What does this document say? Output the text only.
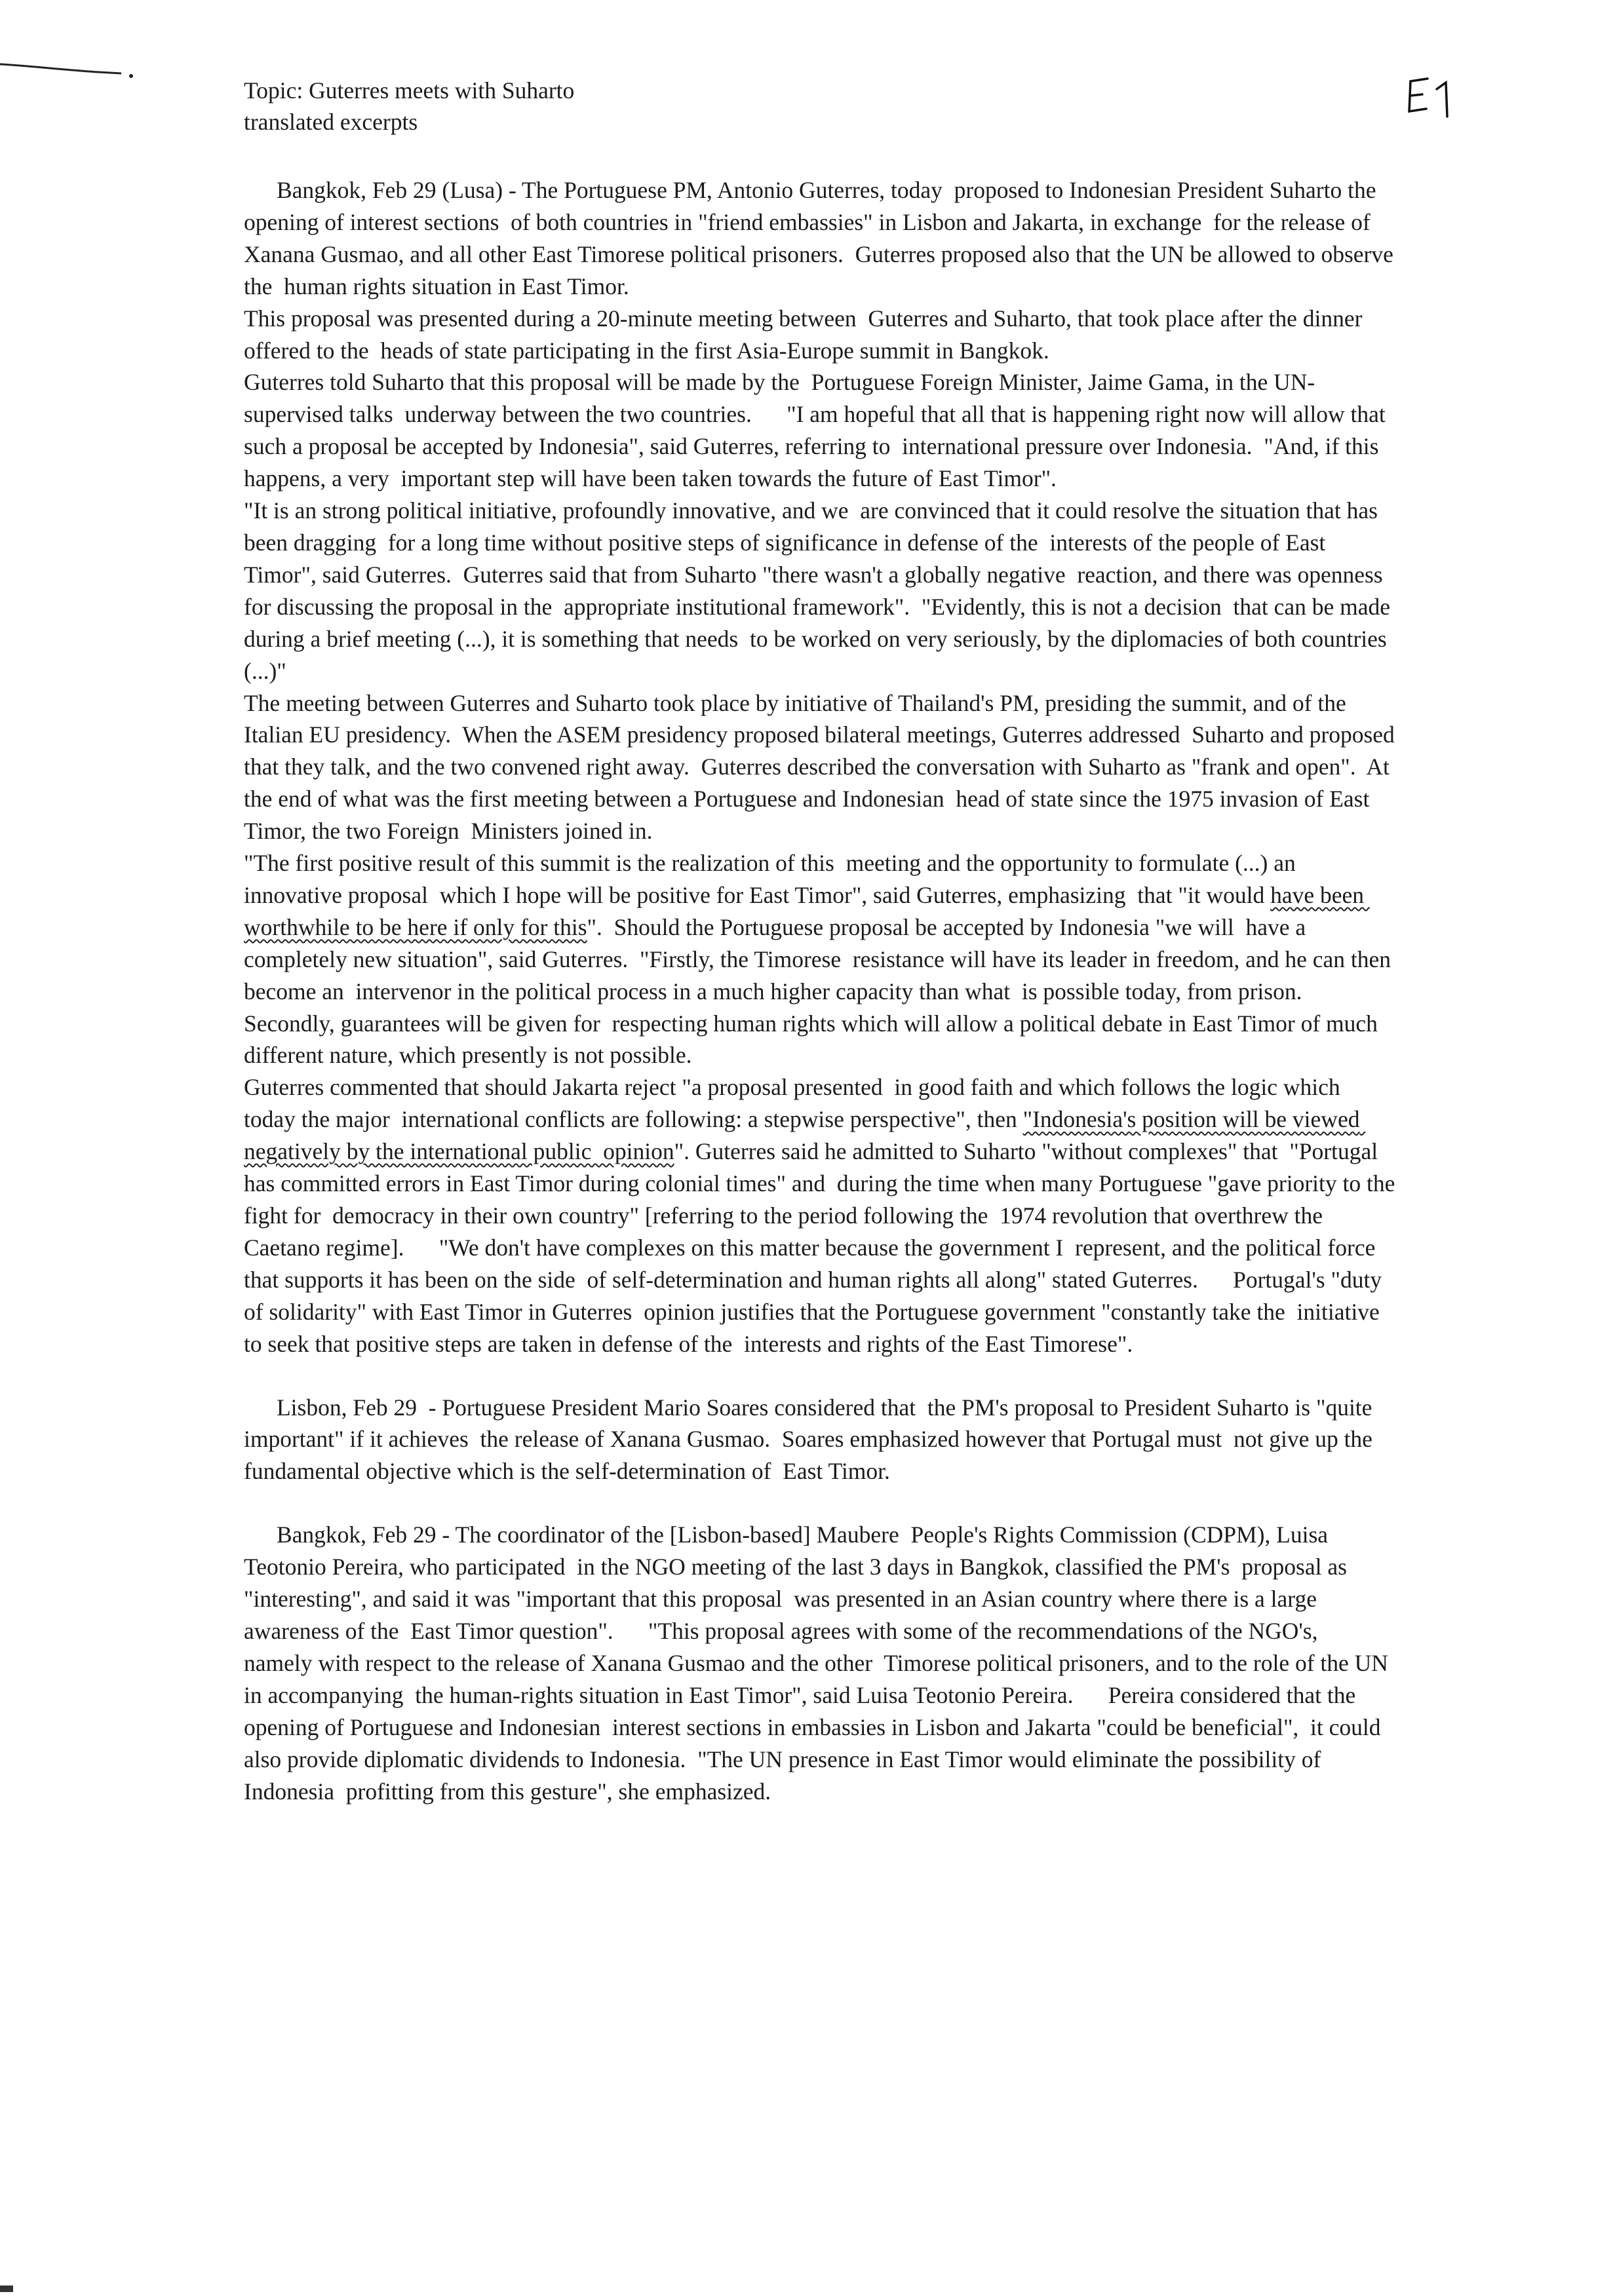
Topic: Guterres meets with Suharto
translated excerpts

Bangkok, Feb 29 (Lusa) - The Portuguese PM, Antonio Guterres, today  proposed to Indonesian President Suharto the opening of interest sections  of both countries in "friend embassies" in Lisbon and Jakarta, in exchange  for the release of Xanana Gusmao, and all other East Timorese political prisoners.  Guterres proposed also that the UN be allowed to observe the  human rights situation in East Timor.

This proposal was presented during a 20-minute meeting between  Guterres and Suharto, that took place after the dinner offered to the  heads of state participating in the first Asia-Europe summit in Bangkok.

Guterres told Suharto that this proposal will be made by the  Portuguese Foreign Minister, Jaime Gama, in the UN-supervised talks  underway between the two countries.      "I am hopeful that all that is happening right now will allow that  such a proposal be accepted by Indonesia", said Guterres, referring to  international pressure over Indonesia.  "And, if this happens, a very  important step will have been taken towards the future of East Timor".

"It is an strong political initiative, profoundly innovative, and we  are convinced that it could resolve the situation that has been dragging  for a long time without positive steps of significance in defense of the  interests of the people of East Timor", said Guterres.  Guterres said that from Suharto "there wasn't a globally negative  reaction, and there was openness for discussing the proposal in the  appropriate institutional framework".  "Evidently, this is not a decision  that can be made during a brief meeting (...), it is something that needs  to be worked on very seriously, by the diplomacies of both countries (...)"

The meeting between Guterres and Suharto took place by initiative of Thailand's PM, presiding the summit, and of the Italian EU presidency.  When the ASEM presidency proposed bilateral meetings, Guterres addressed  Suharto and proposed that they talk, and the two convened right away.  Guterres described the conversation with Suharto as "frank and open".  At  the end of what was the first meeting between a Portuguese and Indonesian  head of state since the 1975 invasion of East Timor, the two Foreign  Ministers joined in.

"The first positive result of this summit is the realization of this  meeting and the opportunity to formulate (...) an innovative proposal  which I hope will be positive for East Timor", said Guterres, emphasizing  that "it would have been worthwhile to be here if only for this".  Should the Portuguese proposal be accepted by Indonesia "we will  have a completely new situation", said Guterres.  "Firstly, the Timorese  resistance will have its leader in freedom, and he can then become an  intervenor in the political process in a much higher capacity than what  is possible today, from prison.  Secondly, guarantees will be given for  respecting human rights which will allow a political debate in East Timor of much different nature, which presently is not possible.

Guterres commented that should Jakarta reject "a proposal presented  in good faith and which follows the logic which today the major  international conflicts are following: a stepwise perspective", then "Indonesia's position will be viewed negatively by the international public  opinion". Guterres said he admitted to Suharto "without complexes" that  "Portugal has committed errors in East Timor during colonial times" and  during the time when many Portuguese "gave priority to the fight for  democracy in their own country" [referring to the period following the  1974 revolution that overthrew the Caetano regime].      "We don't have complexes on this matter because the government I  represent, and the political force that supports it has been on the side  of self-determination and human rights all along" stated Guterres.      Portugal's "duty of solidarity" with East Timor in Guterres  opinion justifies that the Portuguese government "constantly take the  initiative to seek that positive steps are taken in defense of the  interests and rights of the East Timorese".

Lisbon, Feb 29  - Portuguese President Mario Soares considered that  the PM's proposal to President Suharto is "quite important" if it achieves  the release of Xanana Gusmao.  Soares emphasized however that Portugal must  not give up the fundamental objective which is the self-determination of  East Timor.

Bangkok, Feb 29 - The coordinator of the [Lisbon-based] Maubere  People's Rights Commission (CDPM), Luisa Teotonio Pereira, who participated  in the NGO meeting of the last 3 days in Bangkok, classified the PM's  proposal as "interesting", and said it was "important that this proposal  was presented in an Asian country where there is a large awareness of the  East Timor question".      "This proposal agrees with some of the recommendations of the NGO's,  namely with respect to the release of Xanana Gusmao and the other  Timorese political prisoners, and to the role of the UN in accompanying  the human-rights situation in East Timor", said Luisa Teotonio Pereira.      Pereira considered that the opening of Portuguese and Indonesian  interest sections in embassies in Lisbon and Jakarta "could be beneficial",  it could also provide diplomatic dividends to Indonesia.  "The UN presence in East Timor would eliminate the possibility of Indonesia  profitting from this gesture", she emphasized.
